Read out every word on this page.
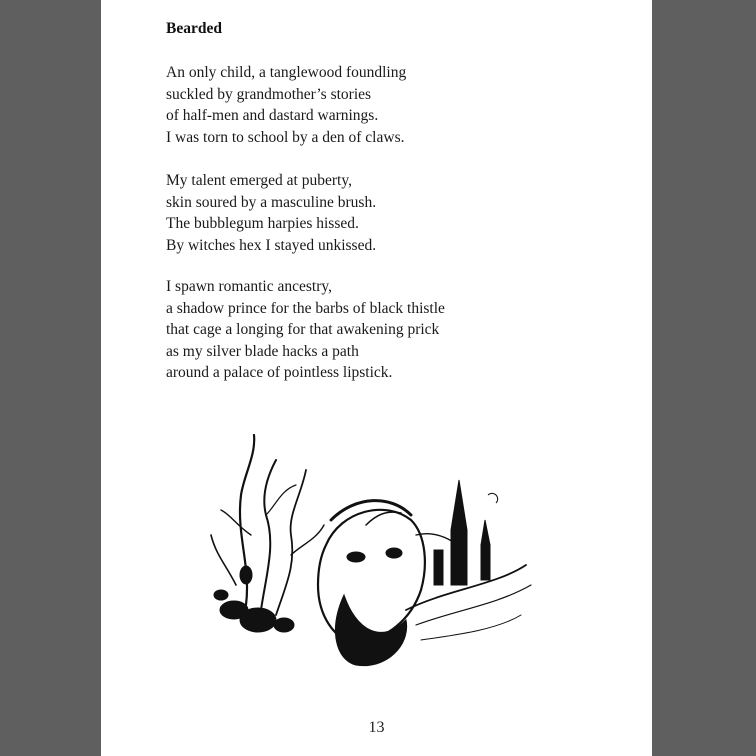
Bearded
An only child, a tanglewood foundling
suckled by grandmother’s stories
of half-men and dastard warnings.
I was torn to school by a den of claws.
My talent emerged at puberty,
skin soured by a masculine brush.
The bubblegum harpies hissed.
By witches hex I stayed unkissed.
I spawn romantic ancestry,
a shadow prince for the barbs of black thistle
that cage a longing for that awakening prick
as my silver blade hacks a path
around a palace of pointless lipstick.
13
